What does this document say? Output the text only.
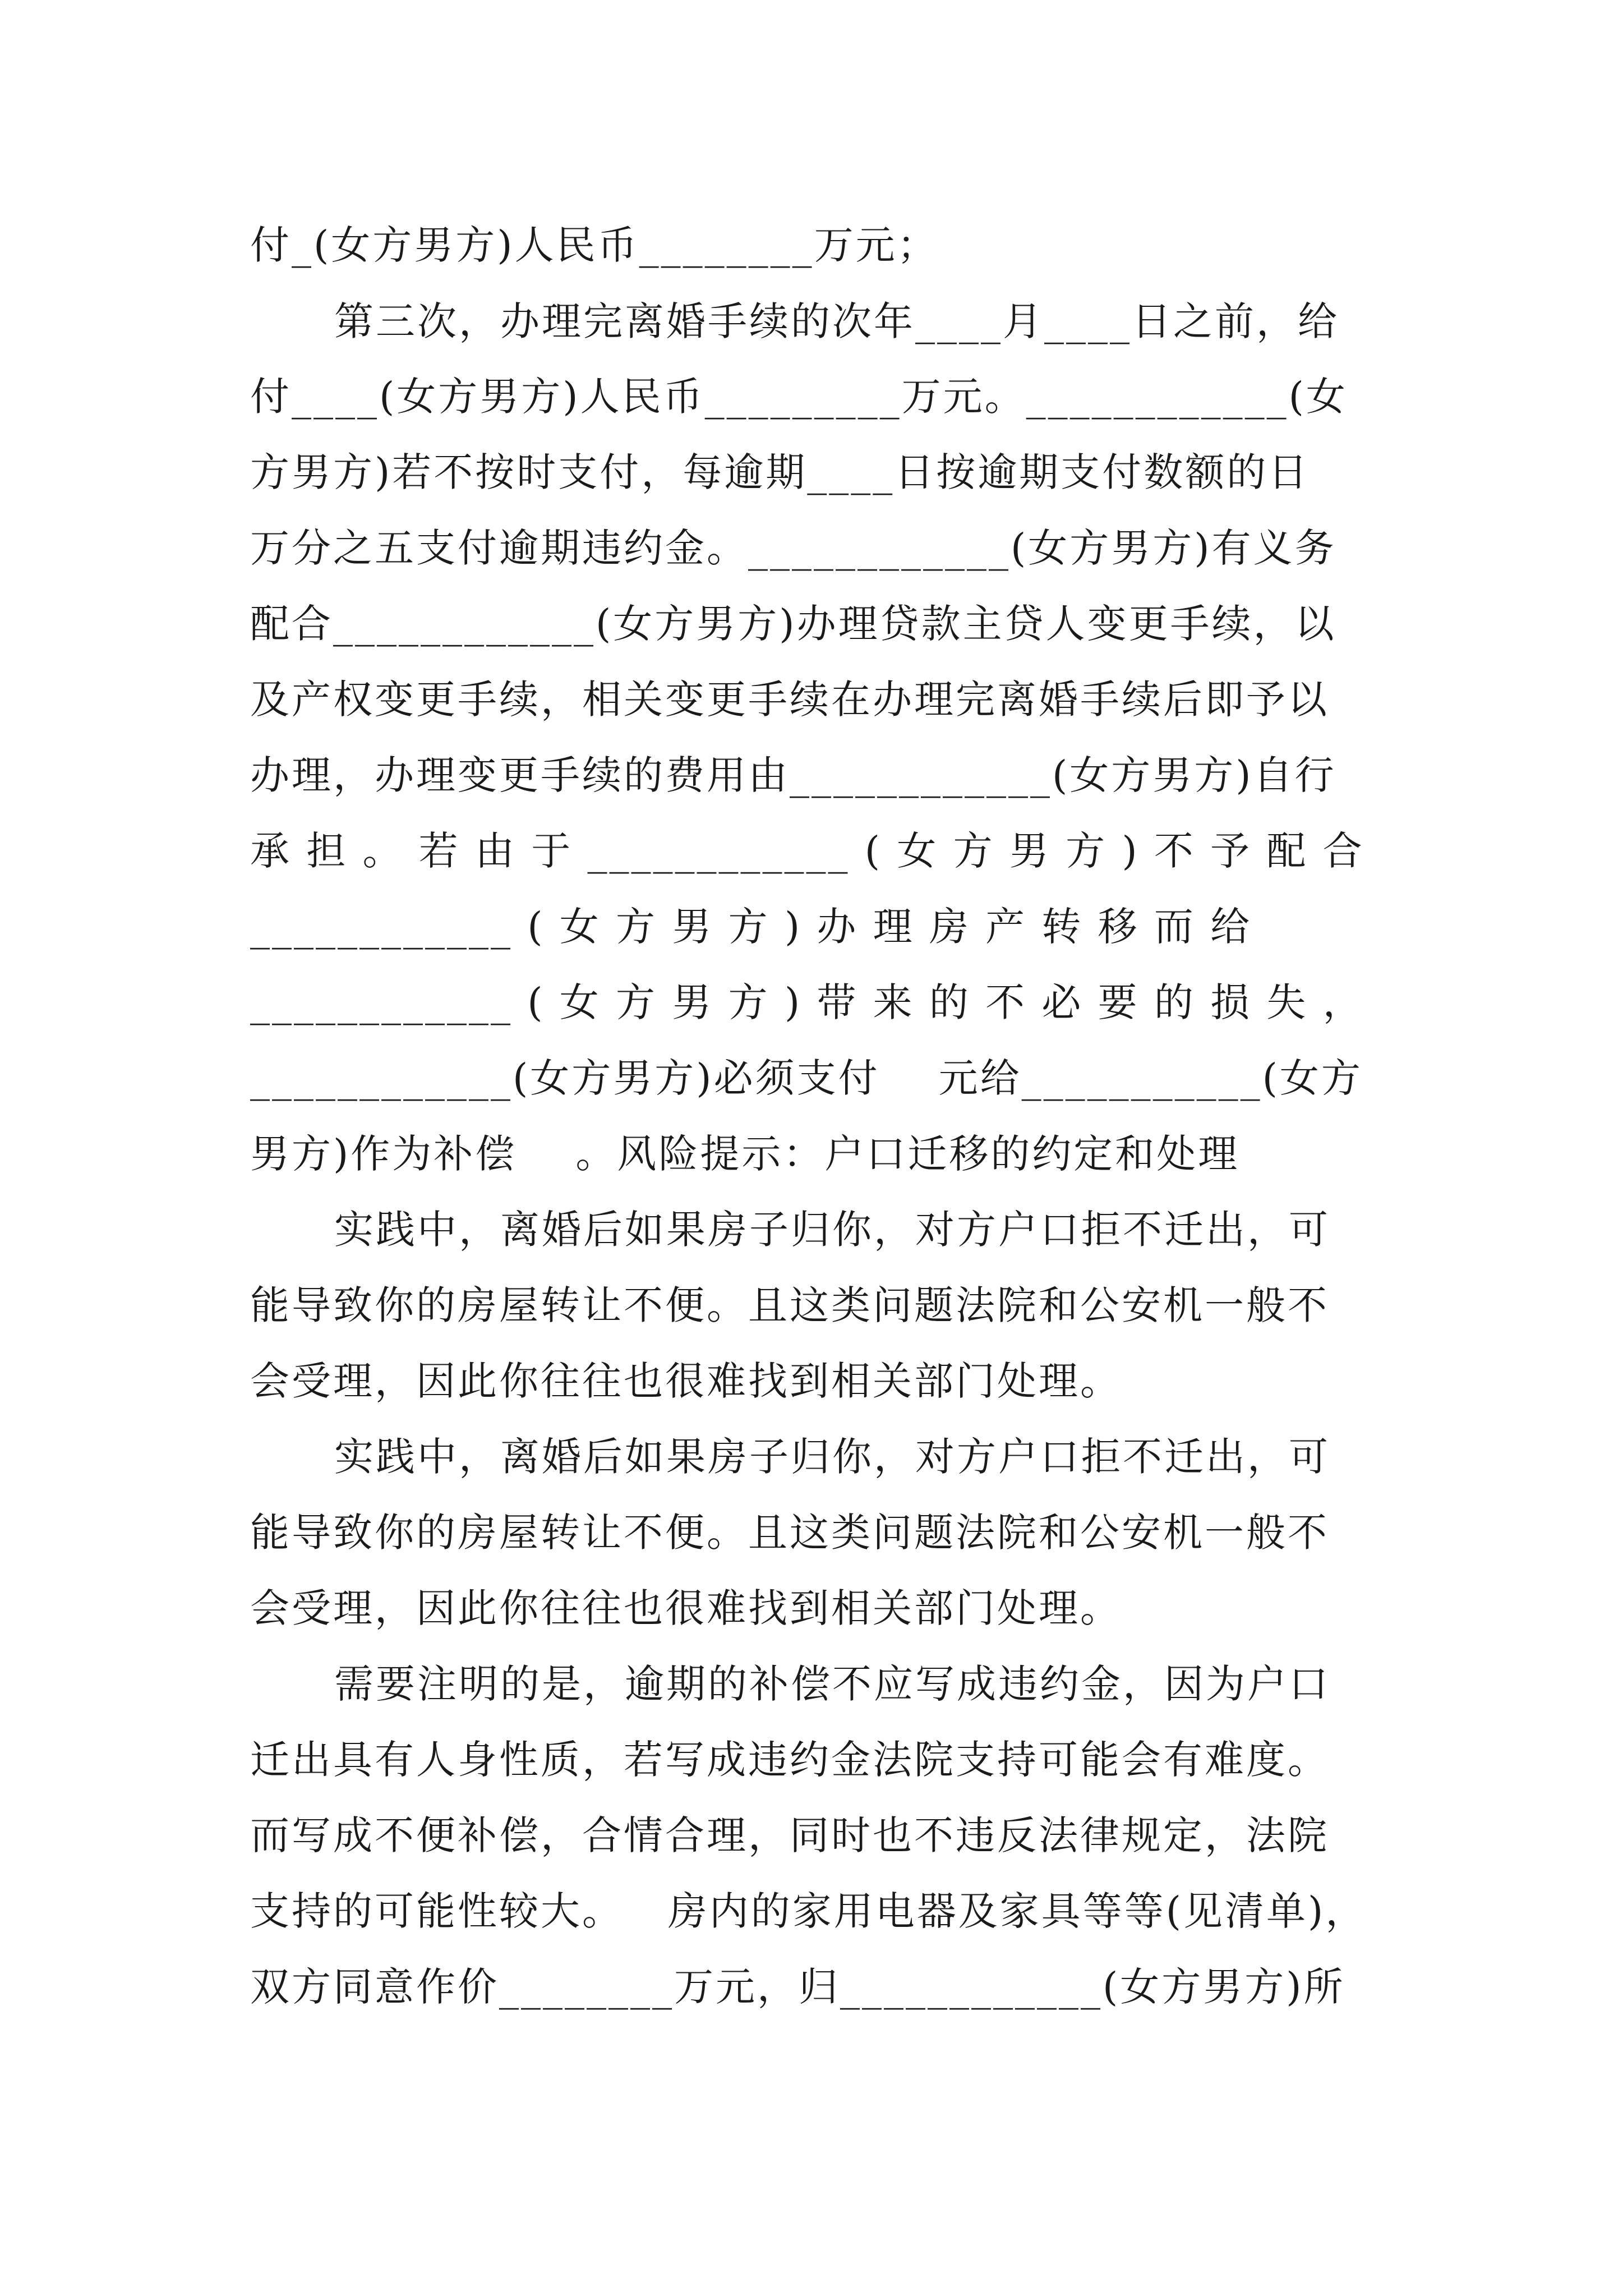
付_(女方男方)人民币________万元；
第三次，办理完离婚手续的次年____月____日之前，给
付____(女方男方)人民币_________万元。____________(女
方男方)若不按时支付，每逾期____日按逾期支付数额的日
万分之五支付逾期违约金。____________(女方男方)有义务
配合____________(女方男方)办理贷款主贷人变更手续，以
及产权变更手续，相关变更手续在办理完离婚手续后即予以
办理，办理变更手续的费用由____________(女方男方)自行
承 担 。 若 由 于 ____________ ( 女 方 男 方 ) 不 予 配 合
____________ ( 女 方 男 方 ) 办 理 房 产 转 移 而 给
____________ ( 女 方 男 方 ) 带 来 的 不 必 要 的 损 失 ，
____________(女方男方)必须支付    元给___________(女方
男方)作为补偿    。风险提示：户口迁移的约定和处理
实践中，离婚后如果房子归你，对方户口拒不迁出，可
能导致你的房屋转让不便。且这类问题法院和公安机一般不
会受理，因此你往往也很难找到相关部门处理。
实践中，离婚后如果房子归你，对方户口拒不迁出，可
能导致你的房屋转让不便。且这类问题法院和公安机一般不
会受理，因此你往往也很难找到相关部门处理。
需要注明的是，逾期的补偿不应写成违约金，因为户口
迁出具有人身性质，若写成违约金法院支持可能会有难度。
而写成不便补偿，合情合理，同时也不违反法律规定，法院
支持的可能性较大。   房内的家用电器及家具等等(见清单)，
双方同意作价________万元，归____________(女方男方)所
